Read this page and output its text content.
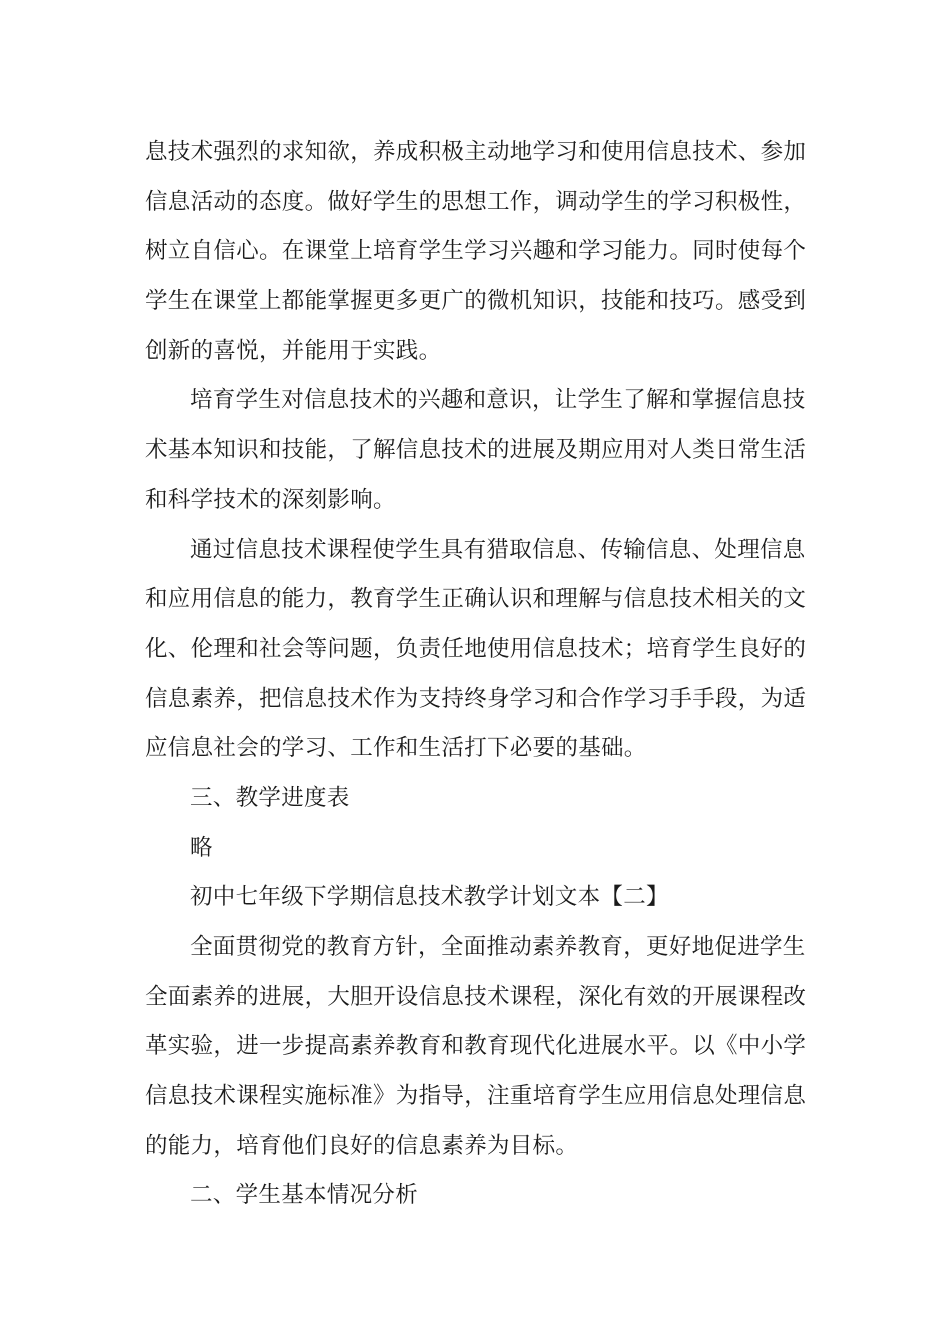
息技术强烈的求知欲，养成积极主动地学习和使用信息技术、参加
信息活动的态度。做好学生的思想工作，调动学生的学习积极性，
树立自信心。在课堂上培育学生学习兴趣和学习能力。同时使每个
学生在课堂上都能掌握更多更广的微机知识，技能和技巧。感受到
创新的喜悦，并能用于实践。
培育学生对信息技术的兴趣和意识，让学生了解和掌握信息技
术基本知识和技能，了解信息技术的进展及期应用对人类日常生活
和科学技术的深刻影响。
通过信息技术课程使学生具有猎取信息、传输信息、处理信息
和应用信息的能力，教育学生正确认识和理解与信息技术相关的文
化、伦理和社会等问题，负责任地使用信息技术；培育学生良好的
信息素养，把信息技术作为支持终身学习和合作学习手手段，为适
应信息社会的学习、工作和生活打下必要的基础。
三、教学进度表
略
初中七年级下学期信息技术教学计划文本【二】
全面贯彻党的教育方针，全面推动素养教育，更好地促进学生
全面素养的进展，大胆开设信息技术课程，深化有效的开展课程改
革实验，进一步提高素养教育和教育现代化进展水平。以《中小学
信息技术课程实施标准》为指导，注重培育学生应用信息处理信息
的能力，培育他们良好的信息素养为目标。
二、学生基本情况分析
